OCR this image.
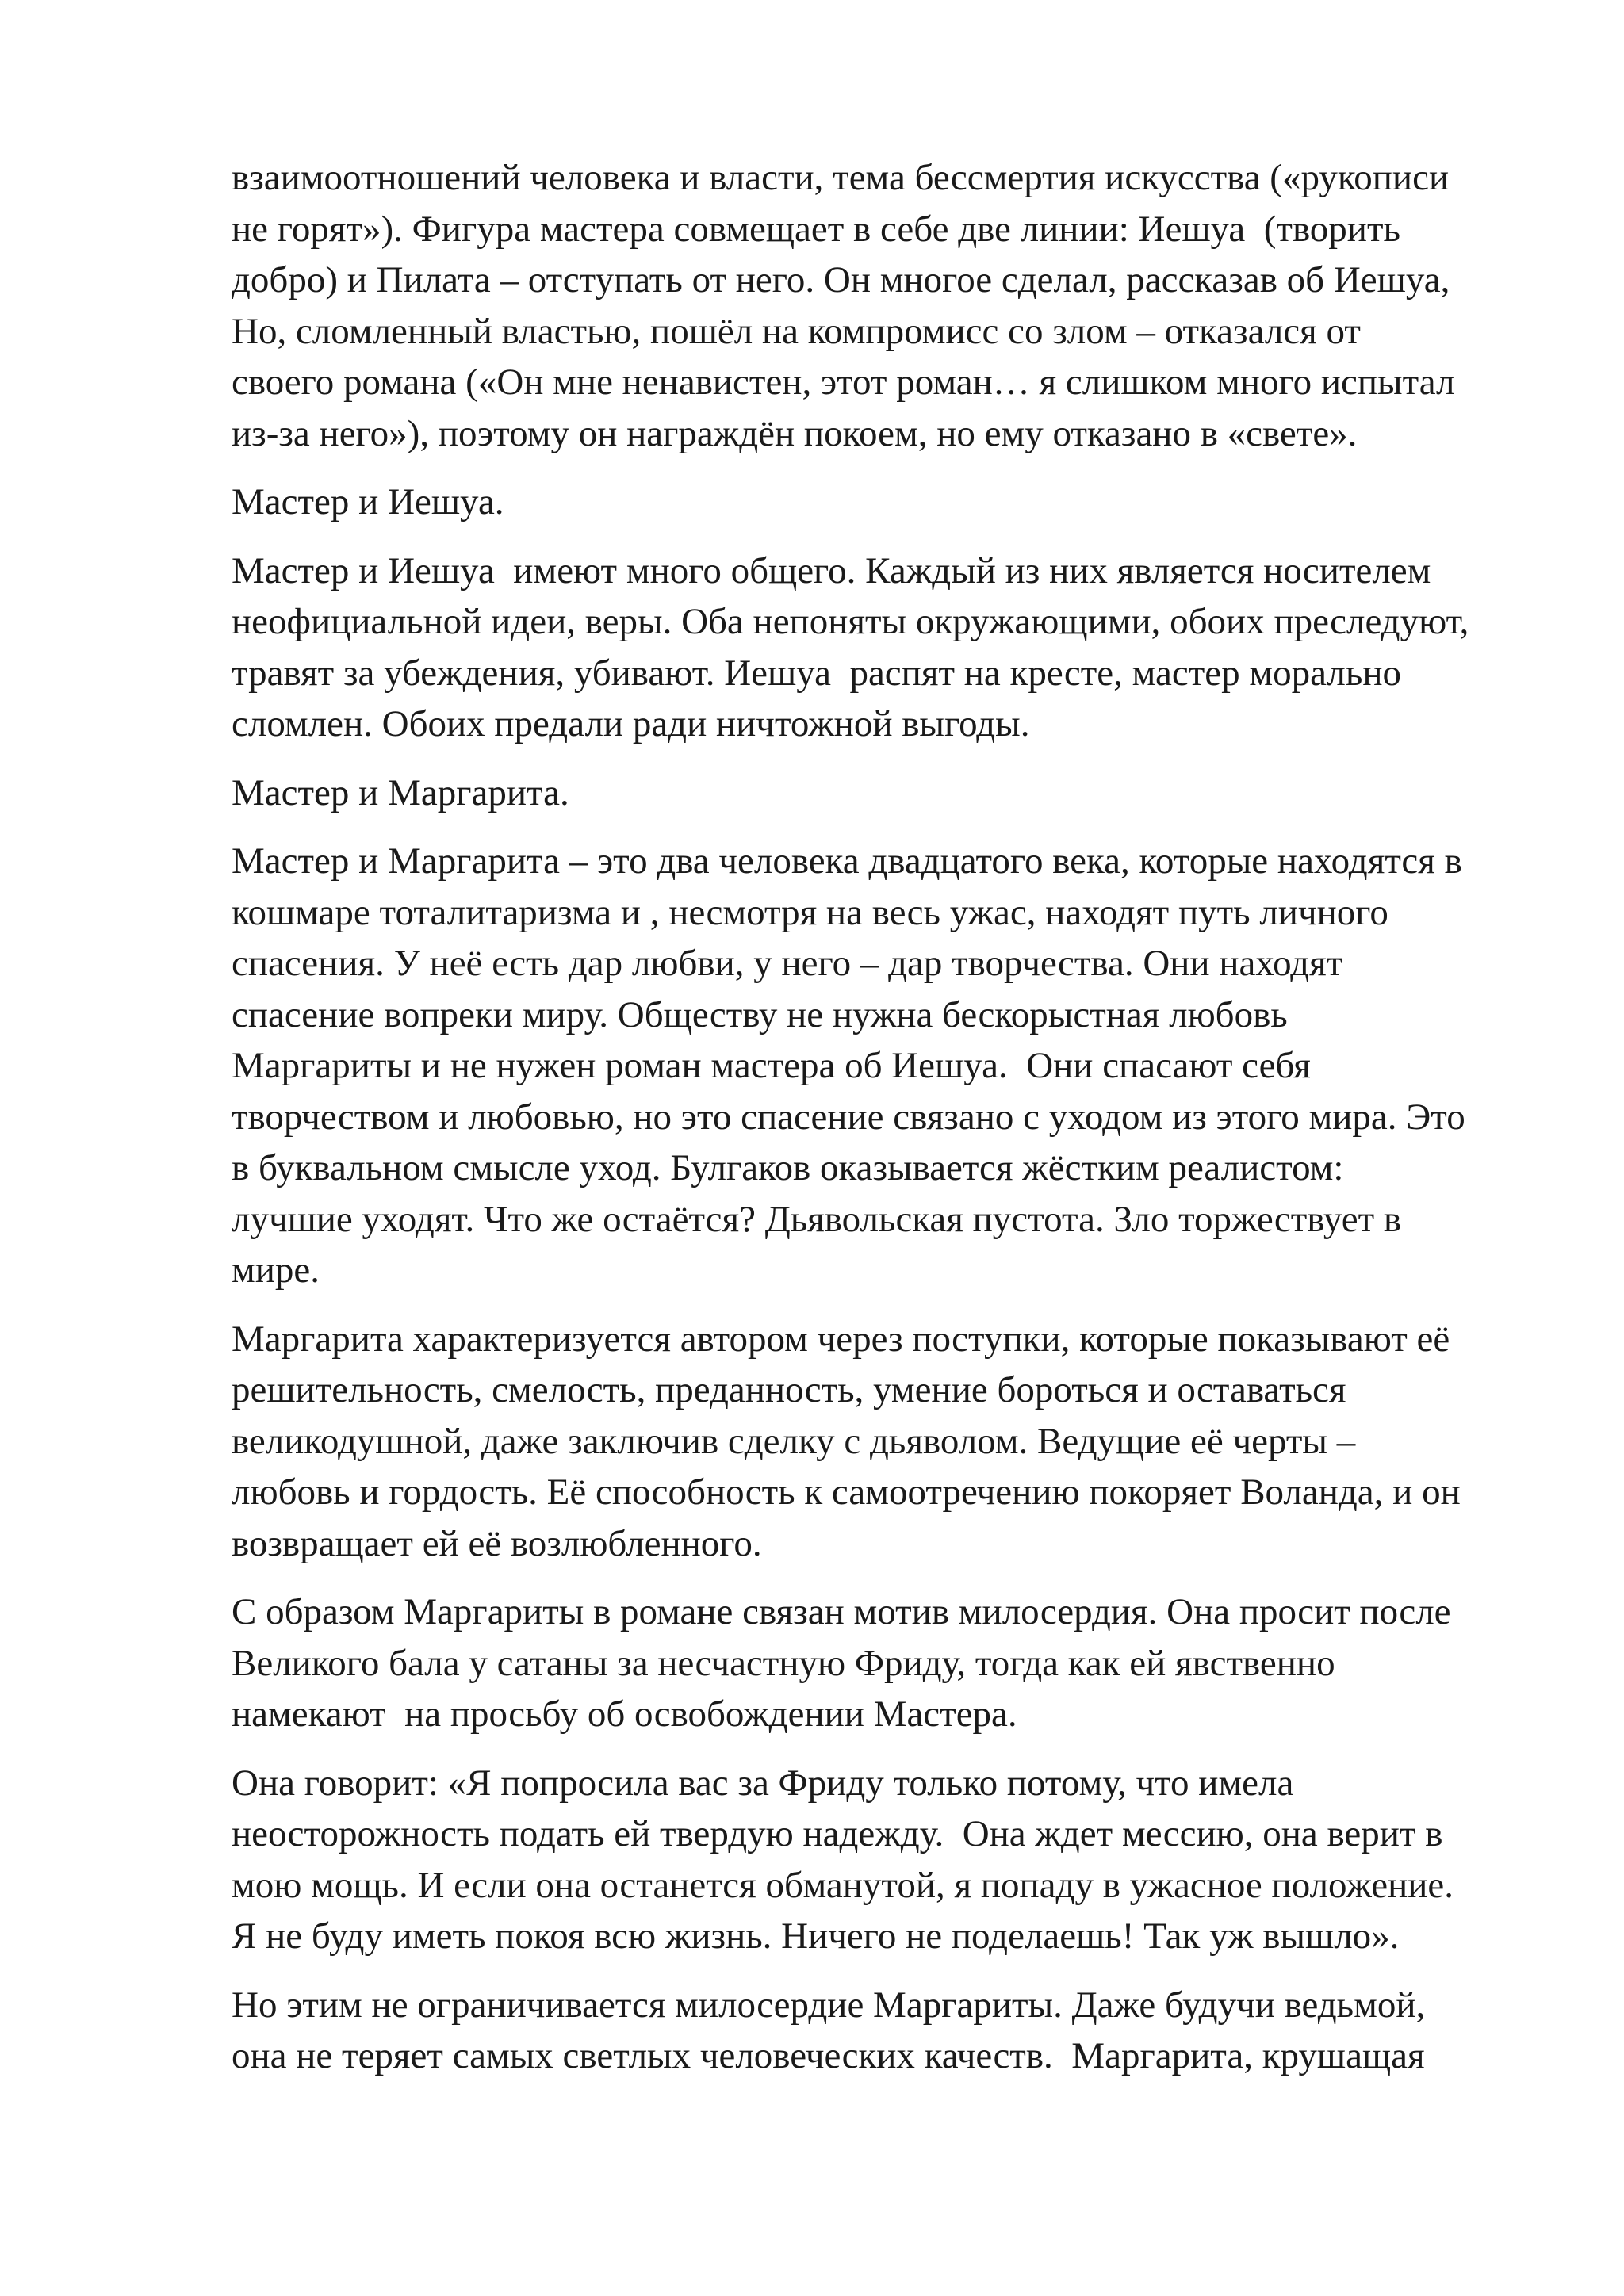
взаимоотношений человека и власти, тема бессмертия искусства («рукописи
не горят»). Фигура мастера совмещает в себе две линии: Иешуа  (творить
добро) и Пилата – отступать от него. Он многое сделал, рассказав об Иешуа,
Но, сломленный властью, пошёл на компромисс со злом – отказался от
своего романа («Он мне ненавистен, этот роман… я слишком много испытал
из-за него»), поэтому он награждён покоем, но ему отказано в «свете».
Мастер и Иешуа.
Мастер и Иешуа  имеют много общего. Каждый из них является носителем
неофициальной идеи, веры. Оба непоняты окружающими, обоих преследуют,
травят за убеждения, убивают. Иешуа  распят на кресте, мастер морально
сломлен. Обоих предали ради ничтожной выгоды.
Мастер и Маргарита.
Мастер и Маргарита – это два человека двадцатого века, которые находятся в
кошмаре тоталитаризма и , несмотря на весь ужас, находят путь личного
спасения. У неё есть дар любви, у него – дар творчества. Они находят
спасение вопреки миру. Обществу не нужна бескорыстная любовь
Маргариты и не нужен роман мастера об Иешуа.  Они спасают себя
творчеством и любовью, но это спасение связано с уходом из этого мира. Это
в буквальном смысле уход. Булгаков оказывается жёстким реалистом:
лучшие уходят. Что же остаётся? Дьявольская пустота. Зло торжествует в
мире.
Маргарита характеризуется автором через поступки, которые показывают её
решительность, смелость, преданность, умение бороться и оставаться
великодушной, даже заключив сделку с дьяволом. Ведущие её черты –
любовь и гордость. Её способность к самоотречению покоряет Воланда, и он
возвращает ей её возлюбленного.
С образом Маргариты в романе связан мотив милосердия. Она просит после
Великого бала у сатаны за несчастную Фриду, тогда как ей явственно
намекают  на просьбу об освобождении Мастера.
Она говорит: «Я попросила вас за Фриду только потому, что имела
неосторожность подать ей твердую надежду.  Она ждет мессию, она верит в
мою мощь. И если она останется обманутой, я попаду в ужасное положение.
Я не буду иметь покоя всю жизнь. Ничего не поделаешь! Так уж вышло».
Но этим не ограничивается милосердие Маргариты. Даже будучи ведьмой,
она не теряет самых светлых человеческих качеств.  Маргарита, крушащая
